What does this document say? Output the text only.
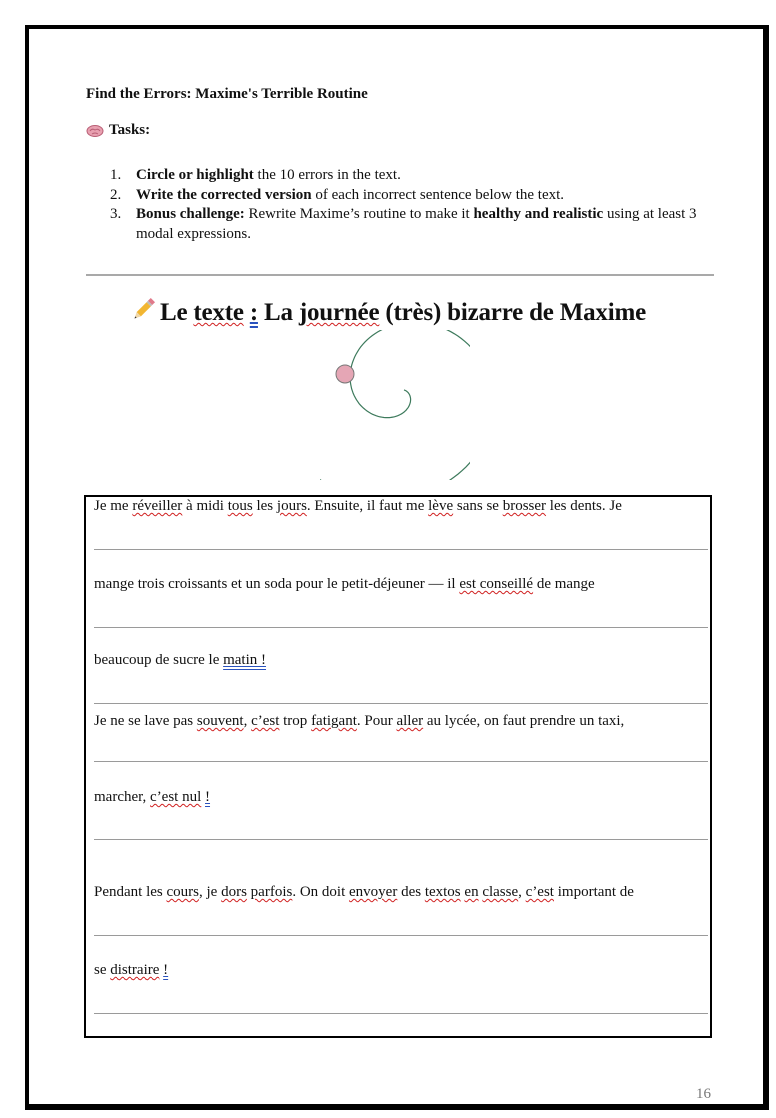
Find the Errors: Maxime's Terrible Routine

Tasks:
1. Circle or highlight the 10 errors in the text.
2. Write the corrected version of each incorrect sentence below the text.
3. Bonus challenge: Rewrite Maxime’s routine to make it healthy and realistic using at least 3 modal expressions.
Le texte : La journée (très) bizarre de Maxime
Je me réveiller à midi tous les jours. Ensuite, il faut me lève sans se brosser les dents. Je
mange trois croissants et un soda pour le petit-déjeuner — il est conseillé de mange
beaucoup de sucre le matin !
Je ne se lave pas souvent, c’est trop fatigant. Pour aller au lycée, on faut prendre un taxi,
marcher, c’est nul !
Pendant les cours, je dors parfois. On doit envoyer des textos en classe, c’est important de
se distraire !
16
